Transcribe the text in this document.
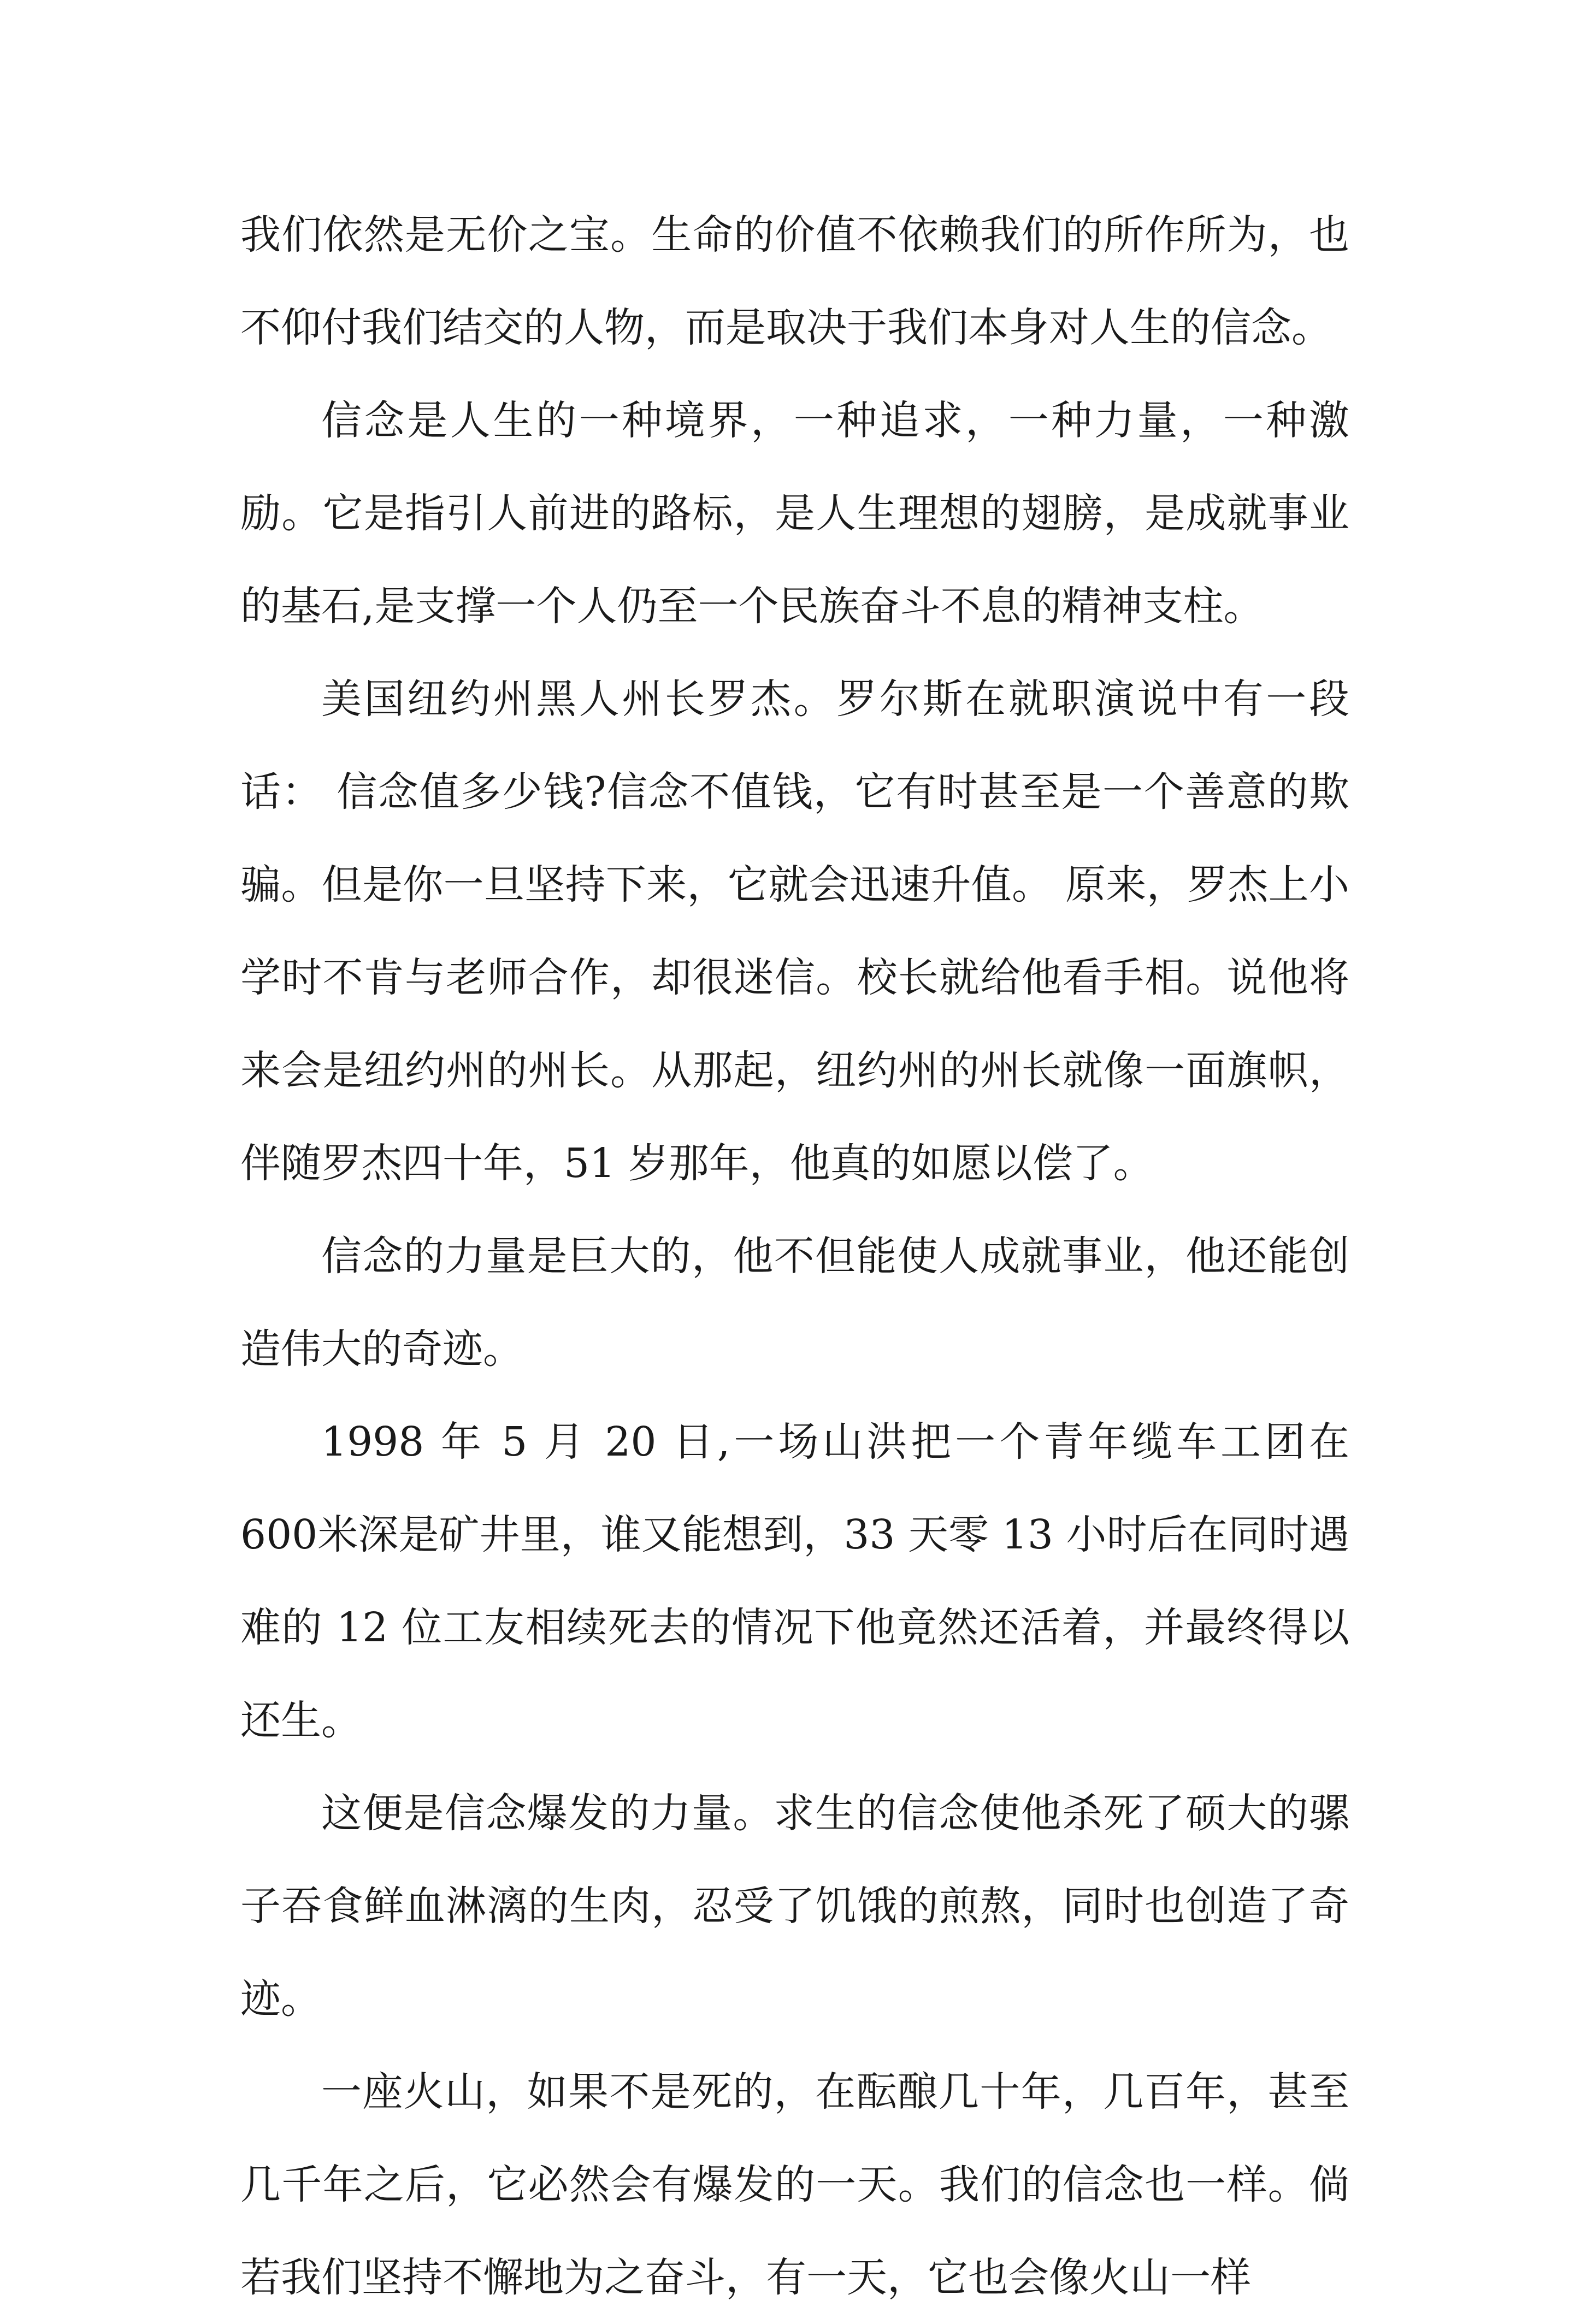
我们依然是无价之宝。生命的价值不依赖我们的所作所为，也不仰付我们结交的人物，而是取决于我们本身对人生的信念。

信念是人生的一种境界，一种追求，一种力量，一种激励。它是指引人前进的路标，是人生理想的翅膀，是成就事业的基石,是支撑一个人仍至一个民族奋斗不息的精神支柱。

美国纽约州黑人州长罗杰。罗尔斯在就职演说中有一段话： 信念值多少钱?信念不值钱，它有时甚至是一个善意的欺骗。但是你一旦坚持下来，它就会迅速升值。 原来，罗杰上小学时不肯与老师合作，却很迷信。校长就给他看手相。说他将来会是纽约州的州长。从那起，纽约州的州长就像一面旗帜，伴随罗杰四十年，51 岁那年，他真的如愿以偿了。

信念的力量是巨大的，他不但能使人成就事业，他还能创造伟大的奇迹。

1998 年 5 月 20 日,一场山洪把一个青年缆车工团在 600米深是矿井里，谁又能想到，33 天零 13 小时后在同时遇难的 12 位工友相续死去的情况下他竟然还活着，并最终得以还生。

这便是信念爆发的力量。求生的信念使他杀死了硕大的骡子吞食鲜血淋漓的生肉，忍受了饥饿的煎熬，同时也创造了奇迹。

一座火山，如果不是死的，在酝酿几十年，几百年，甚至几千年之后，它必然会有爆发的一天。我们的信念也一样。倘若我们坚持不懈地为之奋斗，有一天，它也会像火山一样
